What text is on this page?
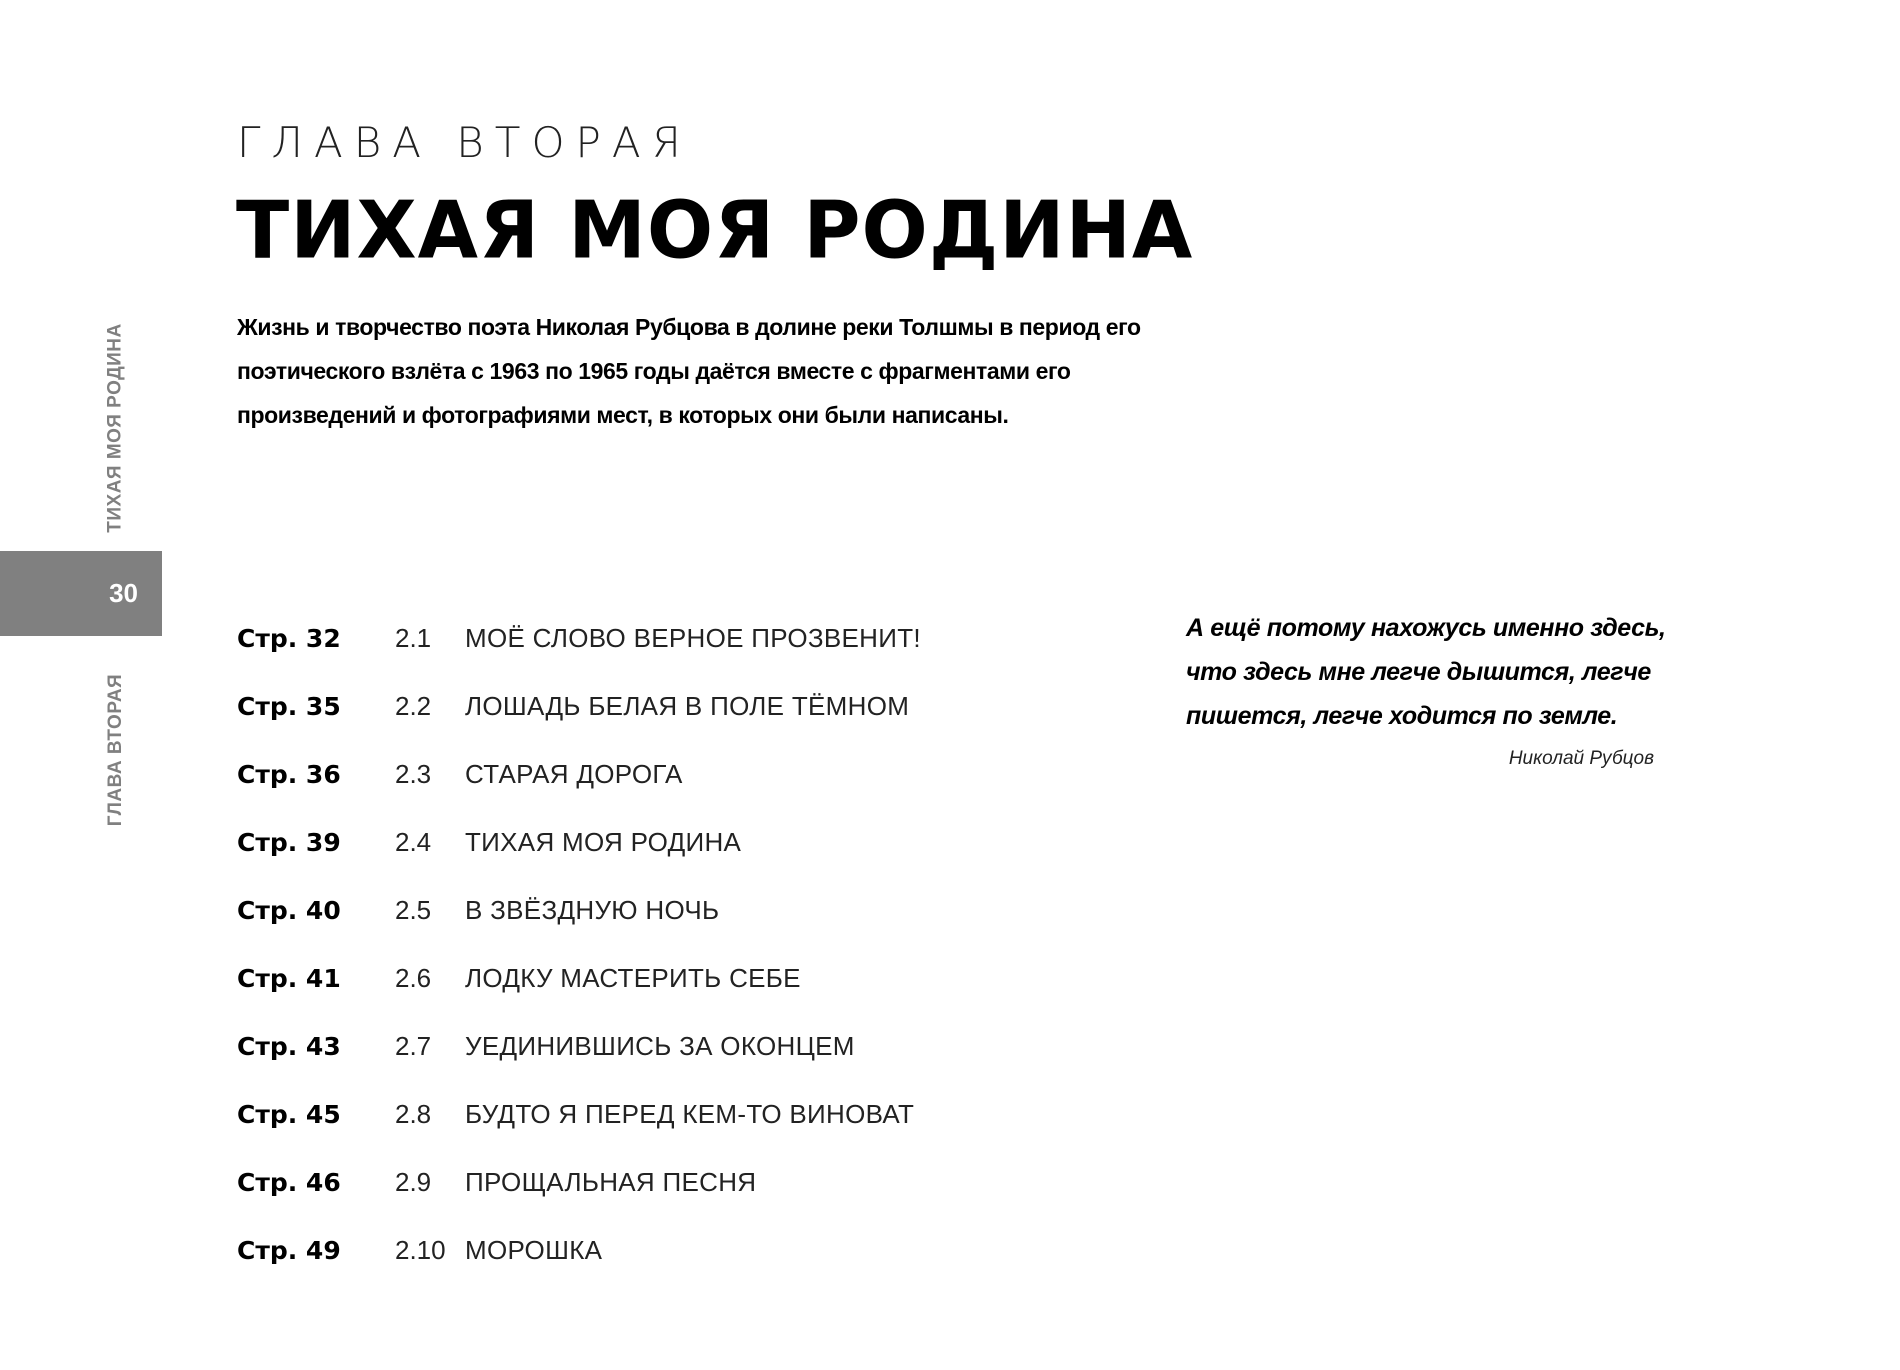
ТИХАЯ МОЯ РОДИНА
30
ГЛАВА ВТОРАЯ
ГЛАВА ВТОРАЯ
ТИХАЯ МОЯ РОДИНА
Жизнь и творчество поэта Николая Рубцова в долине реки Толшмы в период его поэтического взлёта с 1963 по 1965 годы даётся вместе с фрагментами его произведений и фотографиями мест, в которых они были написаны.
Стр. 32	2.1	МОЁ СЛОВО ВЕРНОЕ ПРОЗВЕНИТ!
Стр. 35	2.2	ЛОШАДЬ БЕЛАЯ В ПОЛЕ ТЁМНОМ
Стр. 36	2.3	СТАРАЯ ДОРОГА
Стр. 39	2.4	ТИХАЯ МОЯ РОДИНА
Стр. 40	2.5	В ЗВЁЗДНУЮ НОЧЬ
Стр. 41	2.6	ЛОДКУ МАСТЕРИТЬ СЕБЕ
Стр. 43	2.7	УЕДИНИВШИСЬ ЗА ОКОНЦЕМ
Стр. 45	2.8	БУДТО Я ПЕРЕД КЕМ-ТО ВИНОВАТ
Стр. 46	2.9	ПРОЩАЛЬНАЯ ПЕСНЯ
Стр. 49	2.10 МОРОШКА

А ещё потому нахожусь именно здесь, что здесь мне легче дышится, легче пишется, легче ходится по земле.

Николай Рубцов
